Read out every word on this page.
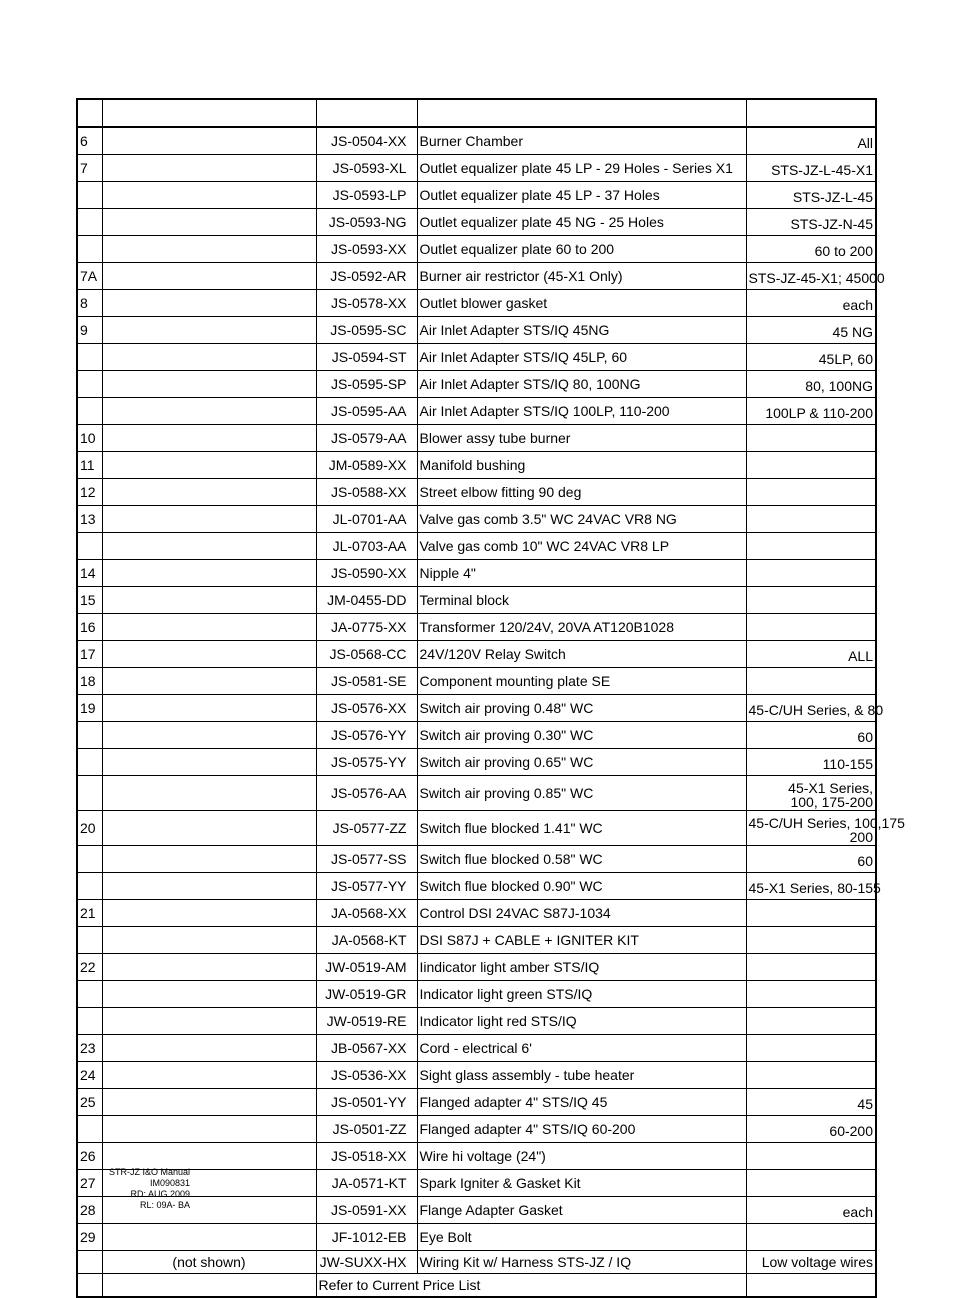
6		JS-0504-XX	Burner Chamber	All
7		JS-0593-XL	Outlet equalizer plate 45 LP - 29 Holes - Series X1	STS-JZ-L-45-X1
		JS-0593-LP	Outlet equalizer plate 45 LP - 37 Holes	STS-JZ-L-45
		JS-0593-NG	Outlet equalizer plate 45 NG - 25 Holes	STS-JZ-N-45
		JS-0593-XX	Outlet equalizer plate 60 to 200	60 to 200
7A		JS-0592-AR	Burner air restrictor (45-X1 Only)	STS-JZ-45-X1; 45000
8		JS-0578-XX	Outlet blower gasket	each
9		JS-0595-SC	Air Inlet Adapter STS/IQ 45NG	45 NG
		JS-0594-ST	Air Inlet Adapter STS/IQ 45LP, 60	45LP, 60
		JS-0595-SP	Air Inlet Adapter STS/IQ 80, 100NG	80, 100NG
		JS-0595-AA	Air Inlet Adapter STS/IQ 100LP, 110-200	100LP & 110-200
10		JS-0579-AA	Blower assy tube burner	
11		JM-0589-XX	Manifold bushing	
12		JS-0588-XX	Street elbow fitting 90 deg	
13		JL-0701-AA	Valve gas comb 3.5" WC 24VAC VR8 NG	
		JL-0703-AA	Valve gas comb 10" WC 24VAC VR8 LP	
14		JS-0590-XX	Nipple 4"	
15		JM-0455-DD	Terminal block	
16		JA-0775-XX	Transformer 120/24V, 20VA AT120B1028	
17		JS-0568-CC	24V/120V Relay Switch	ALL
18		JS-0581-SE	Component mounting plate SE	
19		JS-0576-XX	Switch air proving 0.48" WC	45-C/UH Series, & 80
		JS-0576-YY	Switch air proving 0.30" WC	60
		JS-0575-YY	Switch air proving 0.65" WC	110-155
		JS-0576-AA	Switch air proving 0.85" WC	45-X1 Series,
100, 175-200

20		JS-0577-ZZ	Switch flue blocked 1.41" WC	45-C/UH Series, 100,175
200

		JS-0577-SS	Switch flue blocked 0.58" WC	60
		JS-0577-YY	Switch flue blocked 0.90" WC	45-X1 Series, 80-155
21		JA-0568-XX	Control DSI 24VAC S87J-1034	
		JA-0568-KT	DSI S87J + CABLE + IGNITER KIT	
22		JW-0519-AM	Iindicator light amber STS/IQ	
		JW-0519-GR	Indicator light green STS/IQ	
		JW-0519-RE	Indicator light red STS/IQ	
23		JB-0567-XX	Cord - electrical 6'	
24		JS-0536-XX	Sight glass assembly - tube heater	
25		JS-0501-YY	Flanged adapter 4" STS/IQ 45	45
		JS-0501-ZZ	Flanged adapter 4" STS/IQ 60-200	60-200
26		JS-0518-XX	Wire hi voltage (24")	
27		JA-0571-KT	Spark Igniter & Gasket Kit	
28		JS-0591-XX	Flange Adapter Gasket	each
29		JF-1012-EB	Eye Bolt	
	(not shown)	JW-SUXX-HX	Wiring Kit w/ Harness STS-JZ / IQ	Low voltage wires
		Refer to Current Price List		
STR-JZ I&O Manual
IM090831
RD: AUG 2009
RL: 09A- BA
